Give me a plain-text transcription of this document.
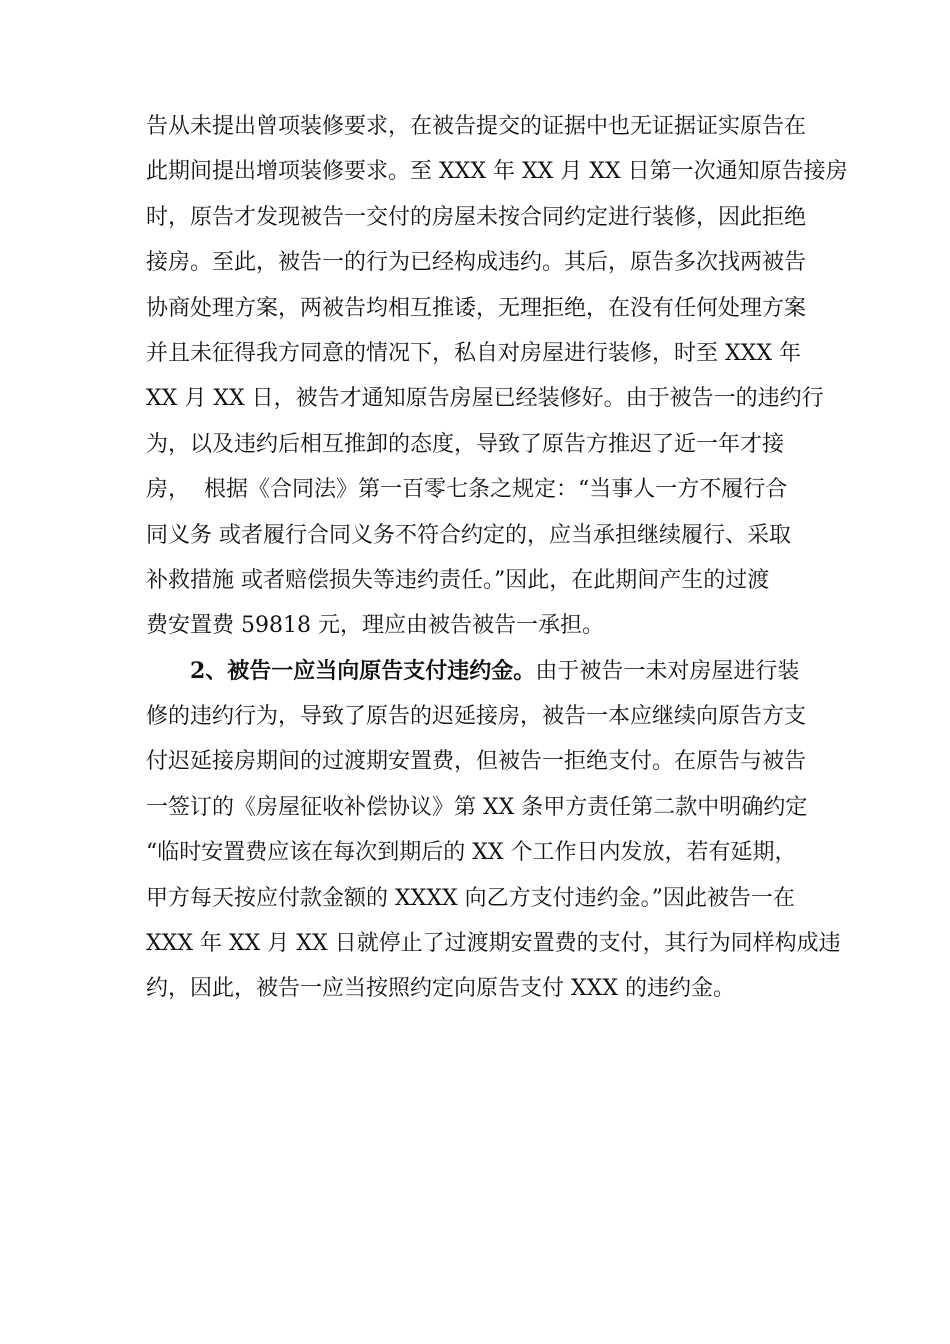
告从未提出曾项装修要求，在被告提交的证据中也无证据证实原告在
此期间提出增项装修要求。至 XXX 年 XX 月 XX 日第一次通知原告接房
时，原告才发现被告一交付的房屋未按合同约定进行装修，因此拒绝
接房。至此，被告一的行为已经构成违约。其后，原告多次找两被告
协商处理方案，两被告均相互推诿，无理拒绝，在没有任何处理方案
并且未征得我方同意的情况下，私自对房屋进行装修，时至 XXX 年
XX 月 XX 日，被告才通知原告房屋已经装修好。由于被告一的违约行
为，以及违约后相互推卸的态度，导致了原告方推迟了近一年才接
房，  根据《合同法》第一百零七条之规定：“当事人一方不履行合
同义务 或者履行合同义务不符合约定的，应当承担继续履行、采取
补救措施 或者赔偿损失等违约责任。”因此，在此期间产生的过渡
费安置费 59818 元，理应由被告被告一承担。
2、被告一应当向原告支付违约金。由于被告一未对房屋进行装
修的违约行为，导致了原告的迟延接房，被告一本应继续向原告方支
付迟延接房期间的过渡期安置费，但被告一拒绝支付。在原告与被告
一签订的《房屋征收补偿协议》第 XX 条甲方责任第二款中明确约定
“临时安置费应该在每次到期后的 XX 个工作日内发放，若有延期，
甲方每天按应付款金额的 XXXX 向乙方支付违约金。”因此被告一在
XXX 年 XX 月 XX 日就停止了过渡期安置费的支付，其行为同样构成违
约，因此，被告一应当按照约定向原告支付 XXX 的违约金。
